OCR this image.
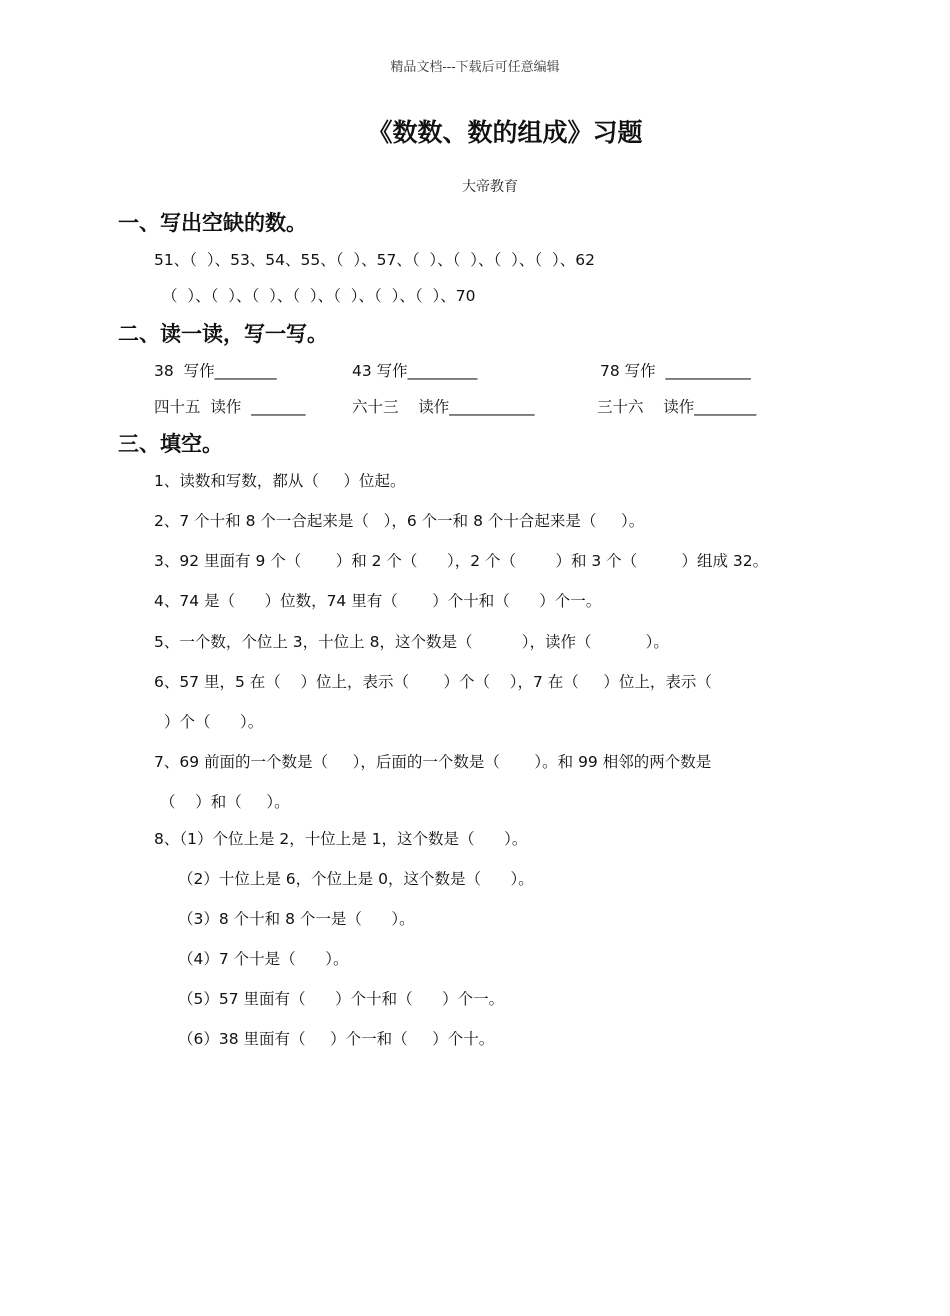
精品文档---下载后可任意编辑
《数数、数的组成》习题
大帝教育
一、写出空缺的数。
51、（  ）、53、54、55、（  ）、57、（  ）、（  ）、（  ）、（  ）、62
（  ）、（  ）、（  ）、（  ）、（  ）、（  ）、（  ）、70
二、读一读，写一写。
38  写作________	43 写作_________	78 写作  ___________
四十五  读作  _______	六十三    读作___________	三十六    读作________
三、填空。
1、读数和写数，都从（     ）位起。
2、7 个十和 8 个一合起来是（   ），6 个一和 8 个十合起来是（     ）。
3、92 里面有 9 个（       ）和 2 个（      ），2 个（        ）和 3 个（         ）组成 32。
4、74 是（      ）位数，74 里有（       ）个十和（      ）个一。
5、一个数，个位上 3，十位上 8，这个数是（          ），读作（           ）。
6、57 里，5 在（    ）位上，表示（       ）个（    ），7 在（     ）位上，表示（
）个（      ）。
7、69 前面的一个数是（     ），后面的一个数是（       ）。和 99 相邻的两个数是
（    ）和（     ）。
8、（1）个位上是 2，十位上是 1，这个数是（      ）。
（2）十位上是 6，个位上是 0，这个数是（      ）。
（3）8 个十和 8 个一是（      ）。
（4）7 个十是（      ）。
（5）57 里面有（      ）个十和（      ）个一。
（6）38 里面有（     ）个一和（     ）个十。
